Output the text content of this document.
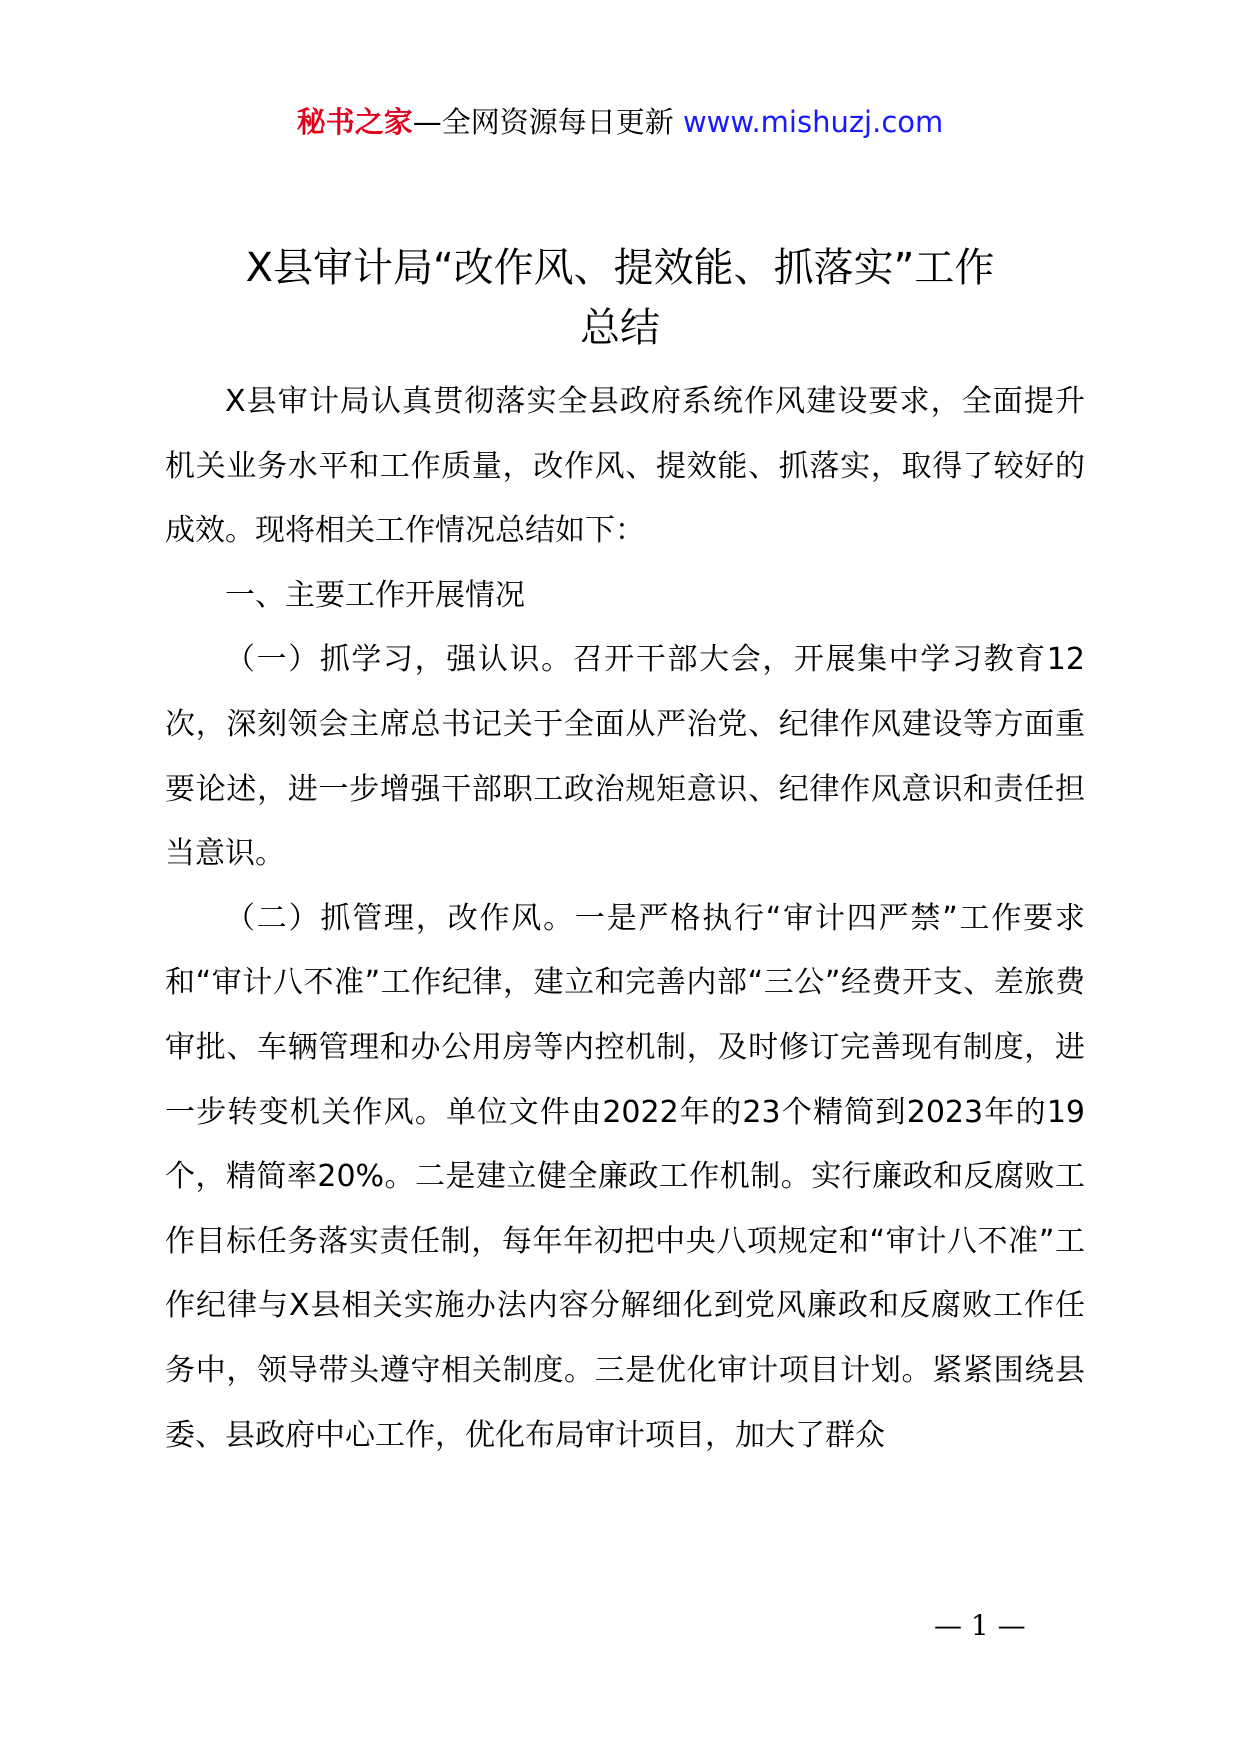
秘书之家—全网资源每日更新 www.mishuzj.com
X县审计局“改作风、提效能、抓落实”工作
总结

X县审计局认真贯彻落实全县政府系统作风建设要求，全面提升机关业务水平和工作质量，改作风、提效能、抓落实，取得了较好的成效。现将相关工作情况总结如下：

一、主要工作开展情况

（一）抓学习，强认识。召开干部大会，开展集中学习教育12次，深刻领会主席总书记关于全面从严治党、纪律作风建设等方面重要论述，进一步增强干部职工政治规矩意识、纪律作风意识和责任担当意识。

（二）抓管理，改作风。一是严格执行“审计四严禁”工作要求和“审计八不准”工作纪律，建立和完善内部“三公”经费开支、差旅费审批、车辆管理和办公用房等内控机制，及时修订完善现有制度，进一步转变机关作风。单位文件由2022年的23个精简到2023年的19个，精简率20%。二是建立健全廉政工作机制。实行廉政和反腐败工作目标任务落实责任制，每年年初把中央八项规定和“审计八不准”工作纪律与X县相关实施办法内容分解细化到党风廉政和反腐败工作任务中，领导带头遵守相关制度。三是优化审计项目计划。紧紧围绕县委、县政府中心工作，优化布局审计项目，加大了群众

— 1 —
